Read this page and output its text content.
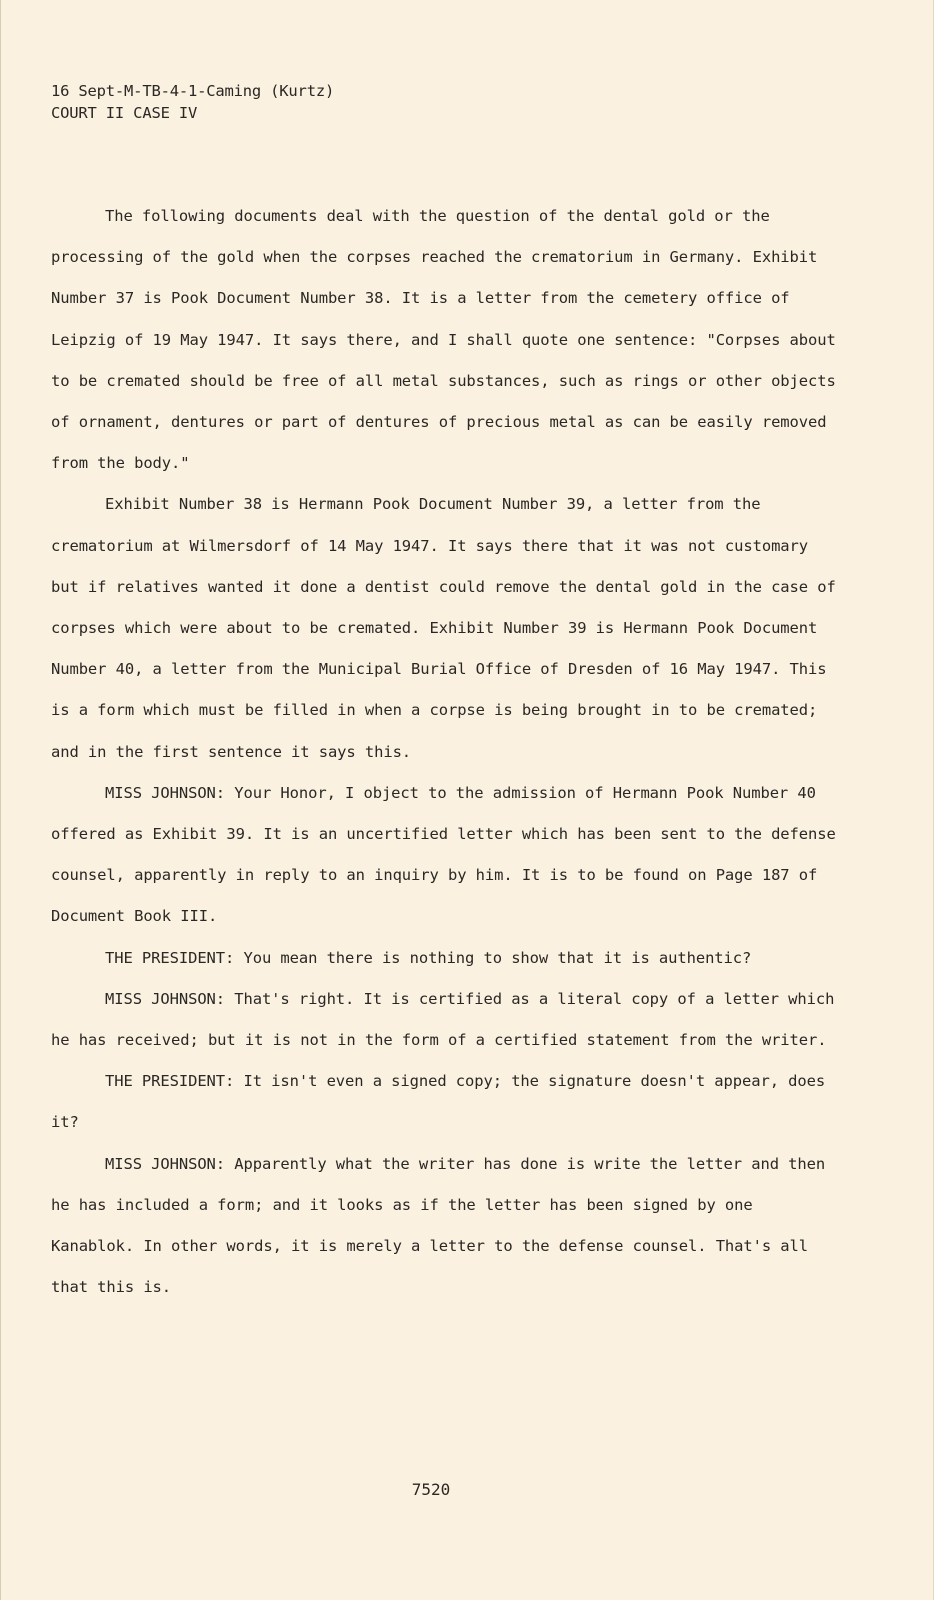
16 Sept-M-TB-4-1-Caming (Kurtz)
COURT II CASE IV

The following documents deal with the question of the dental gold or the processing of the gold when the corpses reached the crematorium in Germany. Exhibit Number 37 is Pook Document Number 38. It is a letter from the cemetery office of Leipzig of 19 May 1947. It says there, and I shall quote one sentence: "Corpses about to be cremated should be free of all metal substances, such as rings or other objects of ornament, dentures or part of dentures of precious metal as can be easily removed from the body."

Exhibit Number 38 is Hermann Pook Document Number 39, a letter from the crematorium at Wilmersdorf of 14 May 1947. It says there that it was not customary but if relatives wanted it done a dentist could remove the dental gold in the case of corpses which were about to be cremated. Exhibit Number 39 is Hermann Pook Document Number 40, a letter from the Municipal Burial Office of Dresden of 16 May 1947. This is a form which must be filled in when a corpse is being brought in to be cremated; and in the first sentence it says this.

MISS JOHNSON: Your Honor, I object to the admission of Hermann Pook Number 40 offered as Exhibit 39. It is an uncertified letter which has been sent to the defense counsel, apparently in reply to an inquiry by him. It is to be found on Page 187 of Document Book III.

THE PRESIDENT: You mean there is nothing to show that it is authentic?

MISS JOHNSON: That's right. It is certified as a literal copy of a letter which he has received; but it is not in the form of a certified statement from the writer.

THE PRESIDENT: It isn't even a signed copy; the signature doesn't appear, does it?

MISS JOHNSON: Apparently what the writer has done is write the letter and then he has included a form; and it looks as if the letter has been signed by one Kanablok. In other words, it is merely a letter to the defense counsel. That's all that this is.

7520
